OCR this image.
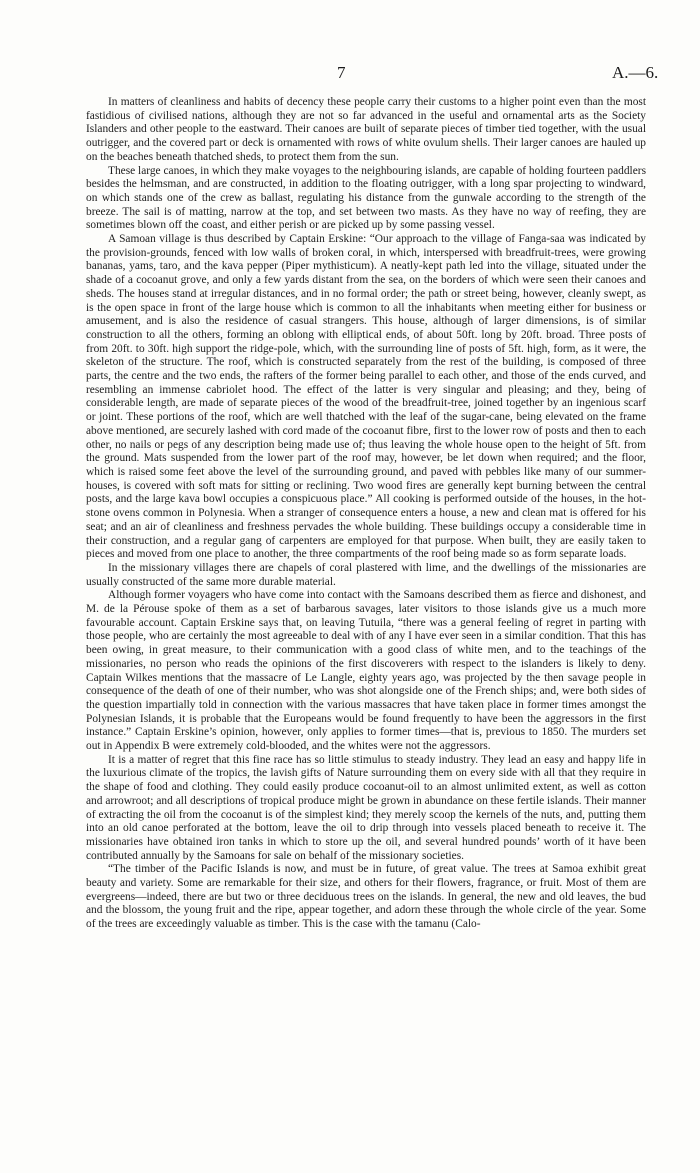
7	A.—6.

In matters of cleanliness and habits of decency these people carry their customs to a higher point even than the most fastidious of civilised nations, although they are not so far advanced in the useful and ornamental arts as the Society Islanders and other people to the eastward. Their canoes are built of separate pieces of timber tied together, with the usual outrigger, and the covered part or deck is ornamented with rows of white ovulum shells. Their larger canoes are hauled up on the beaches beneath thatched sheds, to protect them from the sun.

These large canoes, in which they make voyages to the neighbouring islands, are capable of holding fourteen paddlers besides the helmsman, and are constructed, in addition to the floating outrigger, with a long spar projecting to windward, on which stands one of the crew as ballast, regulating his distance from the gunwale according to the strength of the breeze. The sail is of matting, narrow at the top, and set between two masts. As they have no way of reefing, they are sometimes blown off the coast, and either perish or are picked up by some passing vessel.

A Samoan village is thus described by Captain Erskine: “Our approach to the village of Fanga-saa was indicated by the provision-grounds, fenced with low walls of broken coral, in which, interspersed with breadfruit-trees, were growing bananas, yams, taro, and the kava pepper (Piper mythisticum). A neatly-kept path led into the village, situated under the shade of a cocoanut grove, and only a few yards distant from the sea, on the borders of which were seen their canoes and sheds. The houses stand at irregular distances, and in no formal order; the path or street being, however, cleanly swept, as is the open space in front of the large house which is common to all the inhabitants when meeting either for business or amusement, and is also the residence of casual strangers. This house, although of larger dimensions, is of similar construction to all the others, forming an oblong with elliptical ends, of about 50ft. long by 20ft. broad. Three posts of from 20ft. to 30ft. high support the ridge-pole, which, with the surrounding line of posts of 5ft. high, form, as it were, the skeleton of the structure. The roof, which is constructed separately from the rest of the building, is composed of three parts, the centre and the two ends, the rafters of the former being parallel to each other, and those of the ends curved, and resembling an immense cabriolet hood. The effect of the latter is very singular and pleasing; and they, being of considerable length, are made of separate pieces of the wood of the breadfruit-tree, joined together by an ingenious scarf or joint. These portions of the roof, which are well thatched with the leaf of the sugar-cane, being elevated on the frame above mentioned, are securely lashed with cord made of the cocoanut fibre, first to the lower row of posts and then to each other, no nails or pegs of any description being made use of; thus leaving the whole house open to the height of 5ft. from the ground. Mats suspended from the lower part of the roof may, however, be let down when required; and the floor, which is raised some feet above the level of the surrounding ground, and paved with pebbles like many of our summer-houses, is covered with soft mats for sitting or reclining. Two wood fires are generally kept burning between the central posts, and the large kava bowl occupies a conspicuous place.” All cooking is performed outside of the houses, in the hot-stone ovens common in Polynesia. When a stranger of consequence enters a house, a new and clean mat is offered for his seat; and an air of cleanliness and freshness pervades the whole building. These buildings occupy a considerable time in their construction, and a regular gang of carpenters are employed for that purpose. When built, they are easily taken to pieces and moved from one place to another, the three compartments of the roof being made so as form separate loads.

In the missionary villages there are chapels of coral plastered with lime, and the dwellings of the missionaries are usually constructed of the same more durable material.

Although former voyagers who have come into contact with the Samoans described them as fierce and dishonest, and M. de la Pérouse spoke of them as a set of barbarous savages, later visitors to those islands give us a much more favourable account. Captain Erskine says that, on leaving Tutuila, “there was a general feeling of regret in parting with those people, who are certainly the most agreeable to deal with of any I have ever seen in a similar condition. That this has been owing, in great measure, to their communication with a good class of white men, and to the teachings of the missionaries, no person who reads the opinions of the first discoverers with respect to the islanders is likely to deny. Captain Wilkes mentions that the massacre of Le Langle, eighty years ago, was projected by the then savage people in consequence of the death of one of their number, who was shot alongside one of the French ships; and, were both sides of the question impartially told in connection with the various massacres that have taken place in former times amongst the Polynesian Islands, it is probable that the Europeans would be found frequently to have been the aggressors in the first instance.” Captain Erskine’s opinion, however, only applies to former times—that is, previous to 1850. The murders set out in Appendix B were extremely cold-blooded, and the whites were not the aggressors.

It is a matter of regret that this fine race has so little stimulus to steady industry. They lead an easy and happy life in the luxurious climate of the tropics, the lavish gifts of Nature surrounding them on every side with all that they require in the shape of food and clothing. They could easily produce cocoanut-oil to an almost unlimited extent, as well as cotton and arrowroot; and all descriptions of tropical produce might be grown in abundance on these fertile islands. Their manner of extracting the oil from the cocoanut is of the simplest kind; they merely scoop the kernels of the nuts, and, putting them into an old canoe perforated at the bottom, leave the oil to drip through into vessels placed beneath to receive it. The missionaries have obtained iron tanks in which to store up the oil, and several hundred pounds’ worth of it have been contributed annually by the Samoans for sale on behalf of the missionary societies.

“The timber of the Pacific Islands is now, and must be in future, of great value. The trees at Samoa exhibit great beauty and variety. Some are remarkable for their size, and others for their flowers, fragrance, or fruit. Most of them are evergreens—indeed, there are but two or three deciduous trees on the islands. In general, the new and old leaves, the bud and the blossom, the young fruit and the ripe, appear together, and adorn these through the whole circle of the year. Some of the trees are exceedingly valuable as timber. This is the case with the tamanu (Calo-
